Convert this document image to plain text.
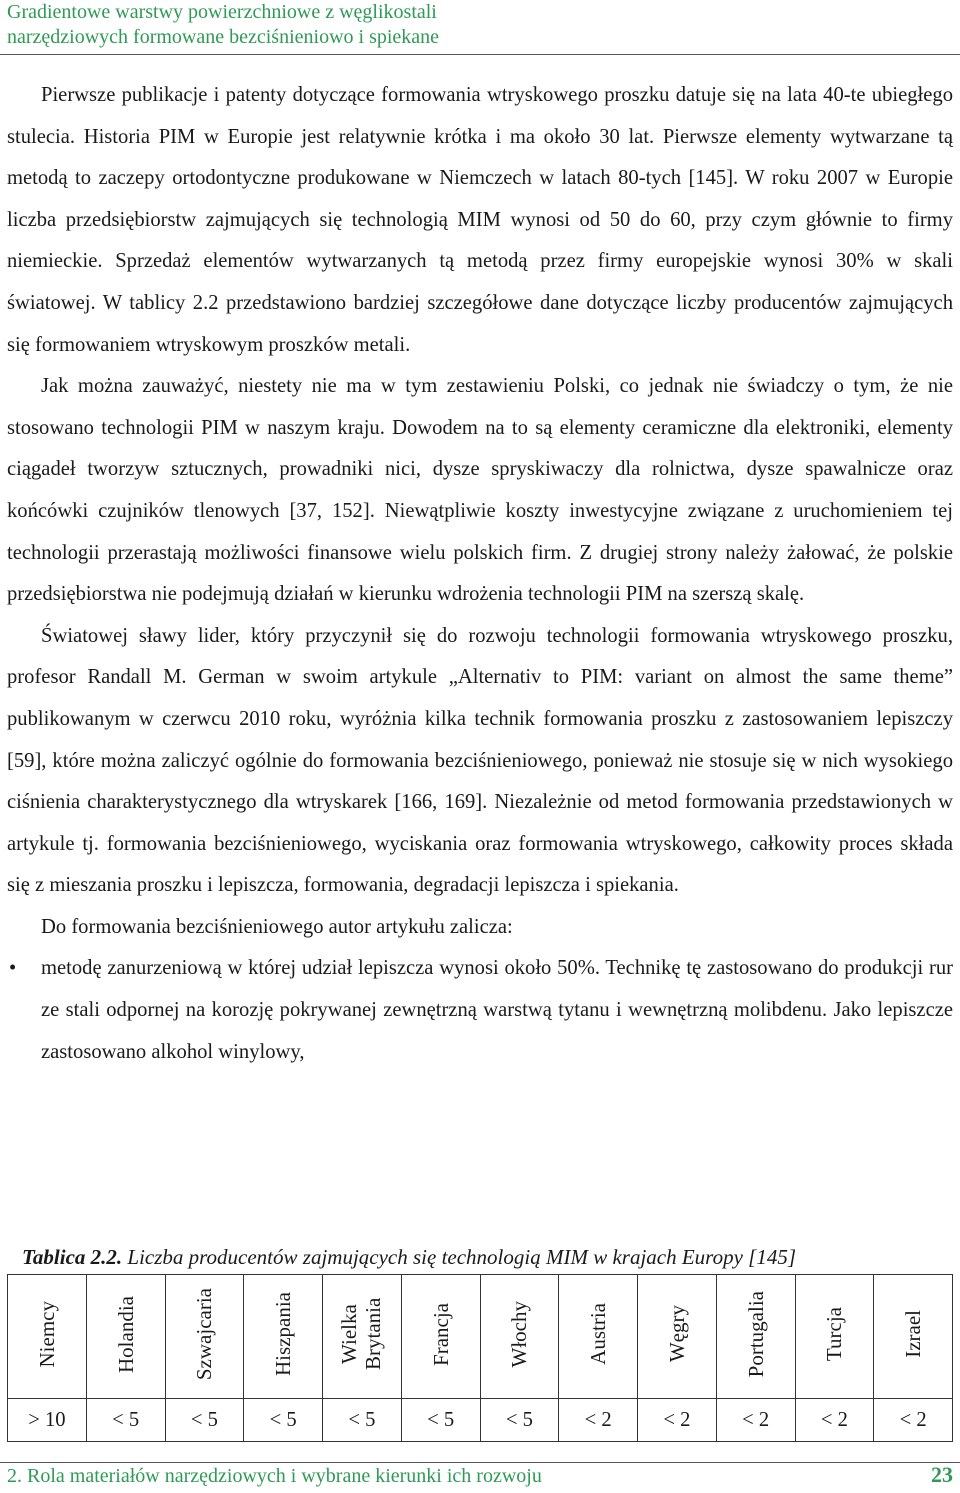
Gradientowe warstwy powierzchniowe z węglikostali
narzędziowych formowane bezciśnieniowo i spiekane

Pierwsze publikacje i patenty dotyczące formowania wtryskowego proszku datuje się na lata 40-te ubiegłego stulecia. Historia PIM w Europie jest relatywnie krótka i ma około 30 lat. Pierwsze elementy wytwarzane tą metodą to zaczepy ortodontyczne produkowane w Niemczech w latach 80-tych [145]. W roku 2007 w Europie liczba przedsiębiorstw zajmujących się technologią MIM wynosi od 50 do 60, przy czym głównie to firmy niemieckie. Sprzedaż elementów wytwarzanych tą metodą przez firmy europejskie wynosi 30% w skali światowej. W tablicy 2.2 przedstawiono bardziej szczegółowe dane dotyczące liczby producentów zajmujących się formowaniem wtryskowym proszków metali.

Jak można zauważyć, niestety nie ma w tym zestawieniu Polski, co jednak nie świadczy o tym, że nie stosowano technologii PIM w naszym kraju. Dowodem na to są elementy ceramiczne dla elektroniki, elementy ciągadeł tworzyw sztucznych, prowadniki nici, dysze spryskiwaczy dla rolnictwa, dysze spawalnicze oraz końcówki czujników tlenowych [37, 152]. Niewątpliwie koszty inwestycyjne związane z uruchomieniem tej technologii przerastają możliwości finansowe wielu polskich firm. Z drugiej strony należy żałować, że polskie przedsiębiorstwa nie podejmują działań w kierunku wdrożenia technologii PIM na szerszą skalę.

Światowej sławy lider, który przyczynił się do rozwoju technologii formowania wtryskowego proszku, profesor Randall M. German w swoim artykule „Alternativ to PIM: variant on almost the same theme” publikowanym w czerwcu 2010 roku, wyróżnia kilka technik formowania proszku z zastosowaniem lepiszczy [59], które można zaliczyć ogólnie do formowania bezciśnieniowego, ponieważ nie stosuje się w nich wysokiego ciśnienia charakterystycznego dla wtryskarek [166, 169]. Niezależnie od metod formowania przedstawionych w artykule tj. formowania bezciśnieniowego, wyciskania oraz formowania wtryskowego, całkowity proces składa się z mieszania proszku i lepiszcza, formowania, degradacji lepiszcza i spiekania.

Do formowania bezciśnieniowego autor artykułu zalicza:

• metodę zanurzeniową w której udział lepiszcza wynosi około 50%. Technikę tę zastosowano do produkcji rur ze stali odpornej na korozję pokrywanej zewnętrzną warstwą tytanu i wewnętrzną molibdenu. Jako lepiszcze zastosowano alkohol winylowy,
Tablica 2.2. Liczba producentów zajmujących się technologią MIM w krajach Europy [145]
Niemcy	Holandia	Szwajcaria	Hiszpania	Wielka Brytania	Francja	Włochy	Austria	Węgry	Portugalia	Turcja	Izrael
> 10	< 5	< 5	< 5	< 5	< 5	< 5	< 2	< 2	< 2	< 2	< 2
2. Rola materiałów narzędziowych i wybrane kierunki ich rozwoju	23
